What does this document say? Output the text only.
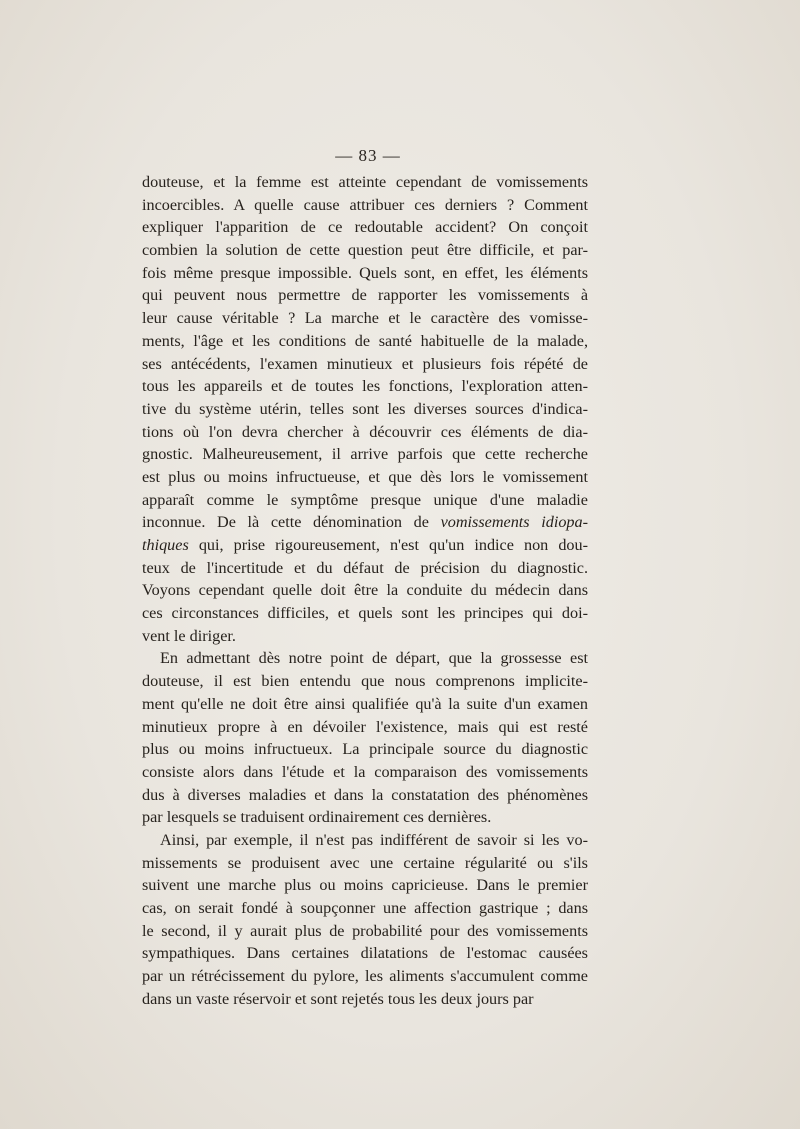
— 83 —
douteuse, et la femme est atteinte cependant de vomissements
incoercibles. A quelle cause attribuer ces derniers ? Comment
expliquer l'apparition de ce redoutable accident? On conçoit
combien la solution de cette question peut être difficile, et par-
fois même presque impossible. Quels sont, en effet, les éléments
qui peuvent nous permettre de rapporter les vomissements à
leur cause véritable ? La marche et le caractère des vomisse-
ments, l'âge et les conditions de santé habituelle de la malade,
ses antécédents, l'examen minutieux et plusieurs fois répété de
tous les appareils et de toutes les fonctions, l'exploration atten-
tive du système utérin, telles sont les diverses sources d'indica-
tions où l'on devra chercher à découvrir ces éléments de dia-
gnostic. Malheureusement, il arrive parfois que cette recherche
est plus ou moins infructueuse, et que dès lors le vomissement
apparaît comme le symptôme presque unique d'une maladie
inconnue. De là cette dénomination de vomissements idiopa-
thiques qui, prise rigoureusement, n'est qu'un indice non dou-
teux de l'incertitude et du défaut de précision du diagnostic.
Voyons cependant quelle doit être la conduite du médecin dans
ces circonstances difficiles, et quels sont les principes qui doi-
vent le diriger.
En admettant dès notre point de départ, que la grossesse est
douteuse, il est bien entendu que nous comprenons implicite-
ment qu'elle ne doit être ainsi qualifiée qu'à la suite d'un examen
minutieux propre à en dévoiler l'existence, mais qui est resté
plus ou moins infructueux. La principale source du diagnostic
consiste alors dans l'étude et la comparaison des vomissements
dus à diverses maladies et dans la constatation des phénomènes
par lesquels se traduisent ordinairement ces dernières.
Ainsi, par exemple, il n'est pas indifférent de savoir si les vo-
missements se produisent avec une certaine régularité ou s'ils
suivent une marche plus ou moins capricieuse. Dans le premier
cas, on serait fondé à soupçonner une affection gastrique ; dans
le second, il y aurait plus de probabilité pour des vomissements
sympathiques. Dans certaines dilatations de l'estomac causées
par un rétrécissement du pylore, les aliments s'accumulent comme
dans un vaste réservoir et sont rejetés tous les deux jours par
